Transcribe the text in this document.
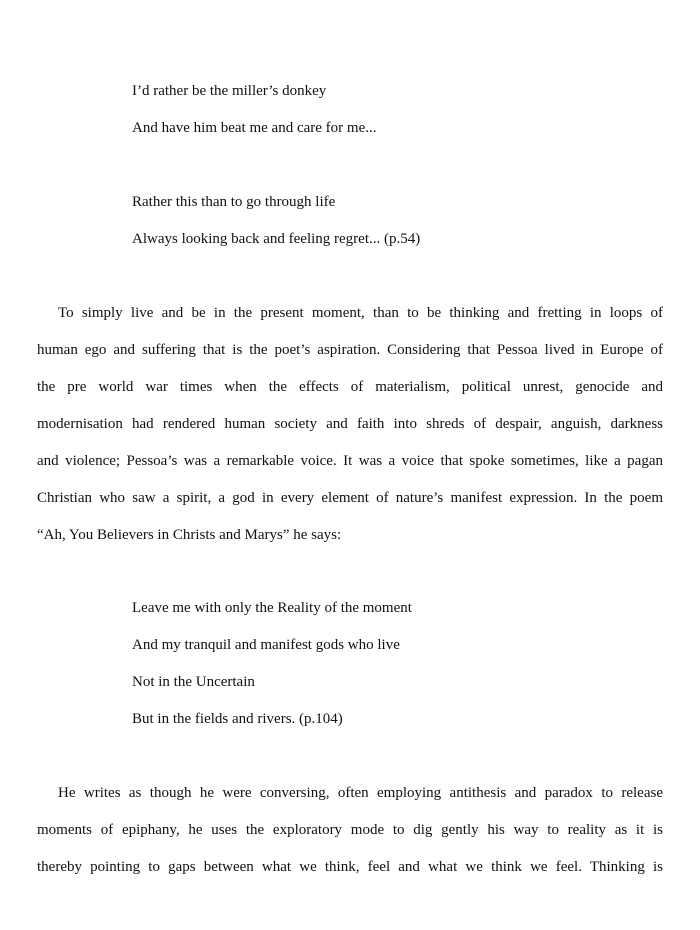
I’d rather be the miller’s donkey
And have him beat me and care for me...
Rather this than to go through life
Always looking back and feeling regret... (p.54)
To simply live and be in the present moment, than to be thinking and fretting in loops of
human ego and suffering that is the poet’s aspiration. Considering that Pessoa lived in Europe of
the pre world war times when the effects of materialism, political unrest, genocide and
modernisation had rendered human society and faith into shreds of despair, anguish, darkness
and violence; Pessoa’s was a remarkable voice. It was a voice that spoke sometimes, like a pagan
Christian who saw a spirit, a god in every element of nature’s manifest expression. In the poem
“Ah, You Believers in Christs and Marys” he says:
Leave me with only the Reality of the moment
And my tranquil and manifest gods who live
Not in the Uncertain
But in the fields and rivers. (p.104)
He writes as though he were conversing, often employing antithesis and paradox to release
moments of epiphany, he uses the exploratory mode to dig gently his way to reality as it is
thereby pointing to gaps between what we think, feel and what we think we feel. Thinking is
